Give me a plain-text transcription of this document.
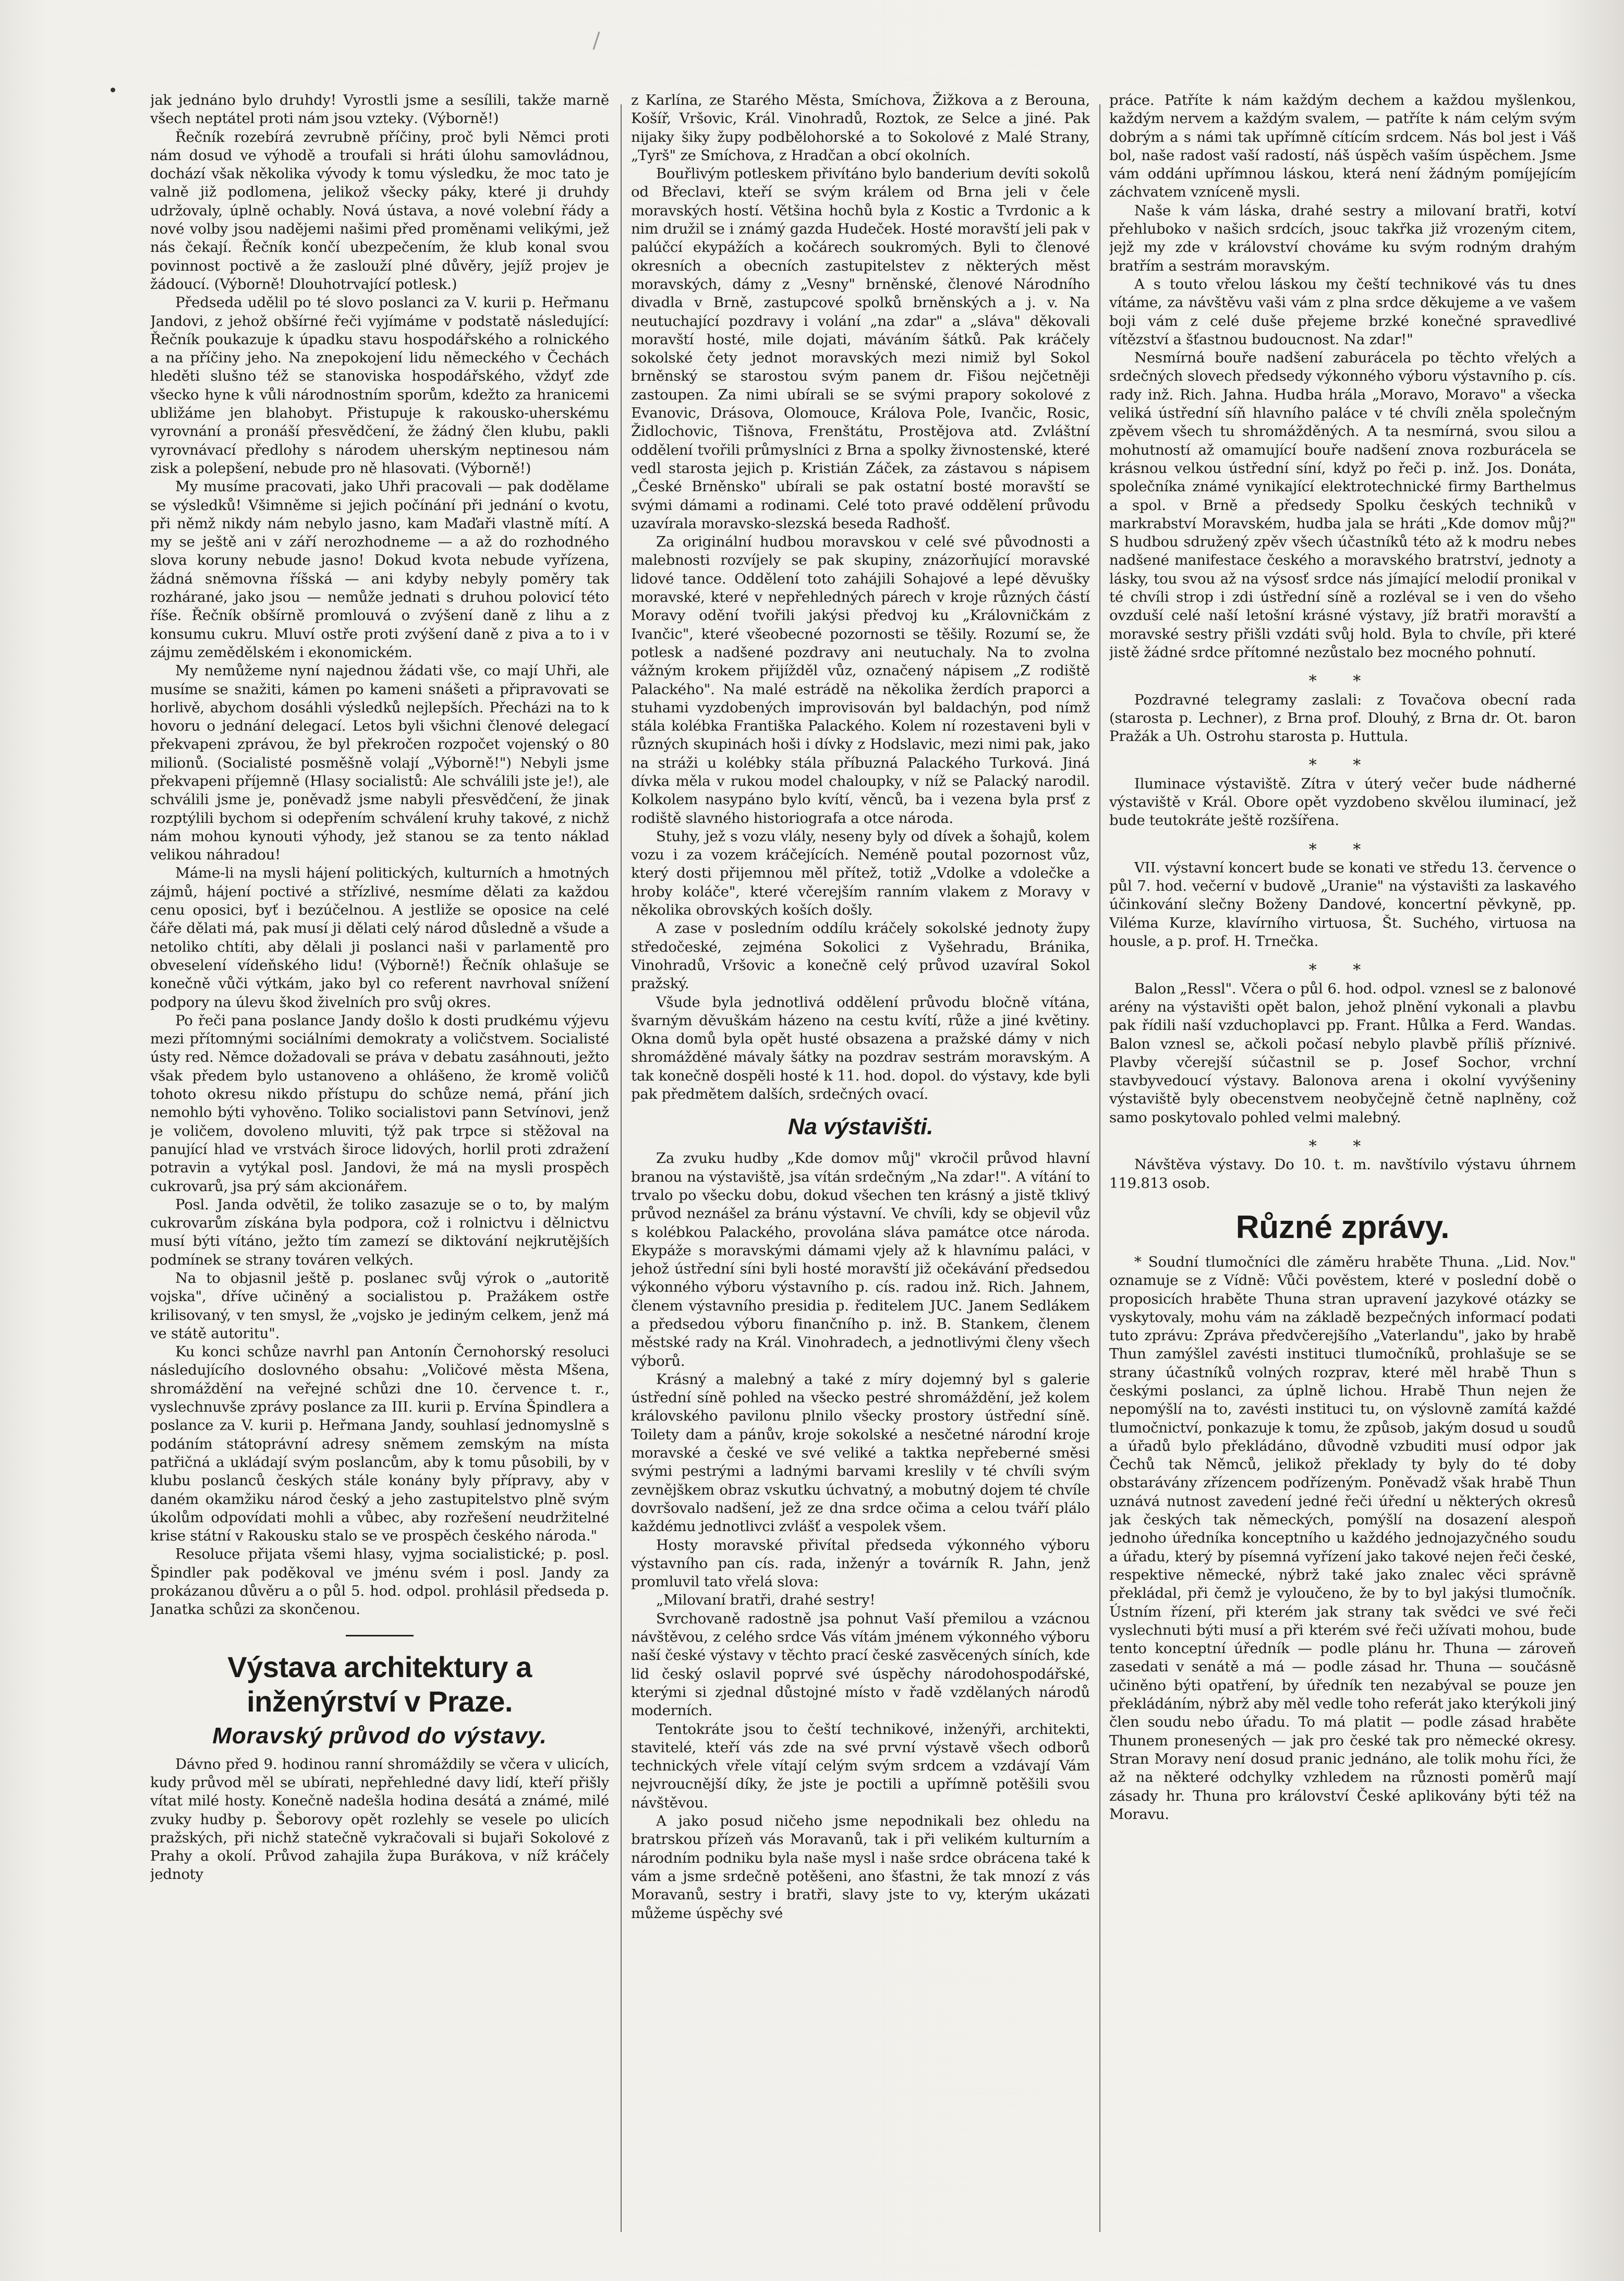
jak jednáno bylo druhdy! Vyrostli jsme a sesílili, takže marně všech neptátel proti nám jsou vztekу. (Výborně!)

Řečník rozebírá zevrubně příčiny, proč byli Němci proti nám dosud ve výhodě a troufali si hráti úlohu samovládnou, dochází však několika vývody k tomu výsledku, že moc tato je valně již podlomena, jelikož všecky páky, které ji druhdy udržovaly, úplně ochably. Nová ústava, a nové volební řády a nové volby jsou nadějemi našimi před proměnami velikými, jež nás čekají. Řečník končí ubezpečením, že klub konal svou povinnost poctivě a že zaslouží plné důvěry, jejíž projev je žádoucí. (Výborně! Dlouhotrvající potlesk.)

Předseda udělil po té slovo poslanci za V. kurii p. Heřmanu Jandovi, z jehož obšírné řeči vyjímáme v podstatě následující: Řečník poukazuje k úpadku stavu hospodářského a rolnického a na příčiny jeho. Na znepokojení lidu německého v Čechách hleděti slušno též se stanoviska hospodářského, vždyť zde všecko hyne k vůli národnostním sporům, kdežto za hranicemi ubližáme jen blahobyt. Přistupuje k rakousko-uherskému vyrovnání a pronáší přesvědčení, že žádný člen klubu, pakli vyrovnávací předlohy s národem uherským neptinesou nám zisk a polepšení, nebude pro ně hlasovati. (Výborně!)

My musíme pracovati, jako Uhři pracovali — pak dodělame se výsledků! Všimněme si jejich počínání při jednání o kvotu, při němž nikdy nám nebylo jasno, kam Maďaři vlastně mítí. A my se ještě ani v září nerozhodneme — a až do rozhodného slova koruny nebude jasno! Dokud kvota nebude vyřízena, žádná sněmovna říšská — ani kdyby nebyly poměry tak rozhárané, jako jsou — nemůže jednati s druhou polovicí této říše. Řečník obšírně promlouvá o zvýšení daně z lihu a z konsumu cukru. Mluví ostře proti zvýšení daně z piva a to i v zájmu zemědělském i ekonomickém.

My nemůžeme nyní najednou žádati vše, co mají Uhři, ale musíme se snažiti, kámen po kameni snášeti a připravovati se horlivě, abychom dosáhli výsledků nejlepších. Přecházi na to k hovoru o jednání delegací. Letos byli všichni členové delegací překvapeni zprávou, že byl překročen rozpočet vojenský o 80 milionů. (Socialisté posměšně volají „Výborně!") Nebyli jsme překvapeni příjemně (Hlasy socialistů: Ale schválili jste je!), ale schválili jsme je, poněvadž jsme nabyli přesvědčení, že jinak rozptýlili bychom si odepřením schválení kruhy takové, z nichž nám mohou kynouti výhody, jež stanou se za tento náklad velikou náhradou!

Máme-li na mysli hájení politických, kulturních a hmotných zájmů, hájení poctivé a střízlivé, nesmíme dělati za každou cenu oposici, byť i bezúčelnou. A jestliže se oposice na celé čáře dělati má, pak musí ji dělati celý národ důsledně a všude a netoliko chtíti, aby dělali ji poslanci naši v parlamentě pro obveselení vídeňského lidu! (Výborně!) Řečník ohlašuje se konečně vůči výtkám, jako byl co referent navrhoval snížení podpory na úlevu škod živelních pro svůj okres.

Po řeči pana poslance Jandy došlo k dosti prudkému výjevu mezi přítomnými sociálními demokraty a voličstvem. Socialisté ústy red. Němce dožadovali se práva v debatu zasáhnouti, ježto však předem bylo ustanoveno a ohlášeno, že kromě voličů tohoto okresu nikdo přístupu do schůze nemá, přání jich nemohlo býti vyhověno. Toliko socialistovi pann Setvínovi, jenž je voličem, dovoleno mluviti, týž pak trpce si stěžoval na panující hlad ve vrstvách široce lidových, horlil proti zdražení potravin a vytýkal posl. Jandovi, že má na mysli prospěch cukrovarů, jsa prý sám akcionářem.

Posl. Janda odvětil, že toliko zasazuje se o to, by malým cukrovarům získána byla podpora, což i rolnictvu i dělnictvu musí býti vítáno, ježto tím zamezí se diktování nejkrutějších podmínek se strany továren velkých.

Na to objasnil ještě p. poslanec svůj výrok o „autoritě vojska", dříve učiněný a socialistou p. Pražákem ostře krilisovaný, v ten smysl, že „vojsko je jediným celkem, jenž má ve státě autoritu".

Ku konci schůze navrhl pan Antonín Černohorský resoluci následujícího doslovného obsahu: „Voličové města Mšena, shromáždění na veřejné schůzi dne 10. července t. r., vyslechnuvše zprávy poslance za III. kurii p. Ervína Špindlera a poslance za V. kurii p. Heřmana Jandy, souhlasí jednomyslně s podáním státoprávní adresy sněmem zemským na místa patřičná a ukládají svým poslancům, aby k tomu působili, by v klubu poslanců českých stále konány byly přípravy, aby v daném okamžiku národ český a jeho zastupitelstvo plně svým úkolům odpovídati mohli a vůbec, aby rozřešení neudržitelné krise státní v Rakousku stalo se ve prospěch českého národa."

Resoluce přijata všemi hlasy, vyjma socialistické; p. posl. Špindler pak poděkoval ve jménu svém i posl. Jandy za prokázanou důvěru a o půl 5. hod. odpol. prohlásil předseda p. Janatka schůzi za skončenou.

Výstava architektury a inženýrství v Praze.
Moravský průvod do výstavy.

Dávno před 9. hodinou ranní shromáždily se včera v ulicích, kudy průvod měl se ubírati, nepřehledné davy lidí, kteří přišly vítat milé hosty. Konečně nadešla hodina desátá a známé, milé zvuky hudby p. Šeborovy opět rozlehly se vesele po ulicích pražských, při nichž statečně vykračovali si bujaři Sokolové z Prahy a okolí. Průvod zahajila župa Burákova, v níž kráčely jednoty

z Karlína, ze Starého Města, Smíchova, Žižkova a z Berouna, Košíř, Vršovic, Král. Vinohradů, Roztok, ze Selce a jiné. Pak nijaky šiky župy podbělohorské a to Sokolové z Malé Strany, „Tyrš" ze Smíchova, z Hradčan a obcí okolních.

Bouřlivým potleskem přivítáno bylo banderium devíti sokolů od Břeclavi, kteří se svým králem od Brna jeli v čele moravských hostí. Většina hochů byla z Kostic a Tvrdonic a k nim družil se i známý gazda Hudeček. Hosté moravští jeli pak v palúčcí ekypážích a kočárech soukromých. Byli to členové okresních a obecních zastupitelstev z některých měst moravských, dámy z „Vesny" brněnské, členové Národního divadla v Brně, zastupcové spolků brněnských a j. v. Na neutuchající pozdravy i volání „na zdar" a „sláva" děkovali moravští hosté, mile dojati, máváním šátků. Pak kráčely sokolské čety jednot moravských mezi nimiž byl Sokol brněnský se starostou svým panem dr. Fišou nejčetněji zastoupen. Za nimi ubírali se se svými prapory sokolové z Evanovic, Drásova, Olomouce, Králova Pole, Ivančic, Rosic, Židlochovic, Tišnova, Frenštátu, Prostějova atd. Zvláštní oddělení tvořili průmyslníci z Brna a spolky živnostenské, které vedl starosta jejich p. Kristián Záček, za zástavou s nápisem „České Brněnsko" ubírali se pak ostatní bosté moravští se svými dámami a rodinami. Celé toto pravé oddělení průvodu uzavírala moravsko-slezská beseda Radhošť.

Za originální hudbou moravskou v celé své původnosti a malebnosti rozvíjely se pak skupiny, znázorňující moravské lidové tance. Oddělení toto zahájili Sohajové a lepé děvušky moravské, které v nepřehledných párech v kroje různých částí Moravy odění tvořili jakýsi předvoj ku „Královničkám z Ivančic", které všeobecné pozornosti se těšily. Rozumí se, že potlesk a nadšené pozdravy ani neutuchaly. Na to zvolna vážným krokem přijížděl vůz, označený nápisem „Z rodiště Palackého". Na malé estrádě na několika žerdích praporci a stuhami vyzdobených improvisován byl baldachýn, pod nímž stála kolébka Františka Palackého. Kolem ní rozestaveni byli v různých skupinách hoši i dívky z Hodslavic, mezi nimi pak, jako na stráži u kolébky stála příbuzná Palackého Turková. Jiná dívka měla v rukou model chaloupky, v níž se Palacký narodil. Kolkolem nasypáno bylo kvítí, věnců, ba i vezena byla prsť z rodiště slavného historiografa a otce národa.

Stuhy, jež s vozu vlály, neseny byly od dívek a šohajů, kolem vozu i za vozem kráčejících. Neméně poutal pozornost vůz, který dosti přijemnou měl přítež, totiž „Vdolke a vdolečke a hroby koláče", které včerejším ranním vlakem z Moravy v několika obrovských koších došly.

A zase v posledním oddílu kráčely sokolské jednoty župy středočeské, zejména Sokolici z Vyšehradu, Bránika, Vinohradů, Vršovic a konečně celý průvod uzavíral Sokol pražský.

Všude byla jednotlivá oddělení průvodu bločně vítána, švarným děvuškám házeno na cestu kvítí, růže a jiné květiny. Okna domů byla opět husté obsazena a pražské dámy v nich shromážděné mávaly šátky na pozdrav sestrám moravským. A tak konečně dospěli hosté k 11. hod. dopol. do výstavy, kde byli pak předmětem dalších, srdečných ovací.

Na výstavišti.

Za zvuku hudby „Kde domov můj" vkročil průvod hlavní branou na výstaviště, jsa vítán srdečným „Na zdar!". A vítání to trvalo po všecku dobu, dokud všechen ten krásný a jistě tklivý průvod neznášel za bránu výstavní. Ve chvíli, kdy se objevil vůz s kolébkou Palackého, provolána sláva památce otce národa. Ekypáže s moravskými dámami vjely až k hlavnímu paláci, v jehož ústřední síni byli hosté moravští již očekávání předsedou výkonného výboru výstavního p. cís. radou inž. Rich. Jahnem, členem výstavního presidia p. ředitelem JUC. Janem Sedlákem a předsedou výboru finančního p. inž. B. Stankem, členem městské rady na Král. Vinohradech, a jednotlivými členy všech výborů.

Krásný a malebný a také z míry dojemný byl s galerie ústřední síně pohled na všecko pestré shromáždění, jež kolem královského pavilonu plnilo všecky prostory ústřední síně. Toilety dam a pánův, kroje sokolské a nesčetné národní kroje moravské a české ve své veliké a taktka nepřeberné směsi svými pestrými a ladnými barvami kreslily v té chvíli svým zevnějškem obraz vskutku úchvatný, a mobutný dojem té chvíle dovršovalo nadšení, jež ze dna srdce očima a celou tváří plálo každému jednotlivci zvlášť a vespolek všem.

Hosty moravské přivítal předseda výkonného výboru výstavního pan cís. rada, inženýr a továrník R. Jahn, jenž promluvil tato vřelá slova:

„Milovaní bratři, drahé sestry!

Svrchovaně radostně jsa pohnut Vaší přemilou a vzácnou návštěvou, z celého srdce Vás vítám jménem výkonného výboru naší české výstavy v těchto prací české zasvěcených síních, kde lid český oslavil poprvé své úspěchy národohospodářské, kterými si zjednal důstojné místo v řadě vzdělaných národů moderních.

Tentokráte jsou to čeští technikové, inženýři, architekti, stavitelé, kteří vás zde na své první výstavě všech odborů technických vřele vítají celým svým srdcem a vzdávají Vám nejvroucnější díky, že jste je poctili a upřímně potěšili svou návštěvou.

A jako posud ničeho jsme nepodnikali bez ohledu na bratrskou přízeň vás Moravanů, tak i při velikém kulturním a národním podniku byla naše mysl i naše srdce obrácena také k vám a jsme srdečně potěšeni, ano šťastni, že tak mnozí z vás Moravanů, sestry i bratři, slavy jste to vy, kterým ukázati můžeme úspěchy své

práce. Patříte k nám každým dechem a každou myšlenkou, každým nervem a každým svalem, — patříte k nám celým svým dobrým a s námi tak upřímně cítícím srdcem. Nás bol jest i Váš bol, naše radost vaší radostí, náš úspěch vaším úspěchem. Jsme vám oddáni upřímnou láskou, která není žádným pomíjejícím záchvatem vzníceně mysli.

Naše k vám láska, drahé sestry a milovaní bratři, kotví přehluboko v našich srdcích, jsouc takřka již vrozeným citem, jejž my zde v království chováme ku svým rodným drahým bratřím a sestrám moravským.

A s touto vřelou láskou my čeští technikové vás tu dnes vítáme, za návštěvu vaši vám z plna srdce děkujeme a ve vašem boji vám z celé duše přejeme brzké konečné spravedlivé vítězství a šťastnou budoucnost. Na zdar!"

Nesmírná bouře nadšení zaburácela po těchto vřelých a srdečných slovech předsedy výkonného výboru výstavního p. cís. rady inž. Rich. Jahna. Hudba hrála „Moravo, Moravo" a všecka veliká ústřední síň hlavního paláce v té chvíli zněla společným zpěvem všech tu shromážděných. A ta nesmírná, svou silou a mohutností až omamující bouře nadšení znova rozburácela se krásnou velkou ústřední síní, když po řeči p. inž. Jos. Donáta, společníka známé vynikající elektrotechnické firmy Barthelmus a spol. v Brně a předsedy Spolku českých techniků v markrabství Moravském, hudba jala se hráti „Kde domov můj?" S hudbou sdružený zpěv všech účastníků této až k modru nebes nadšené manifestace českého a moravského bratrství, jednoty a lásky, tou svou až na výsosť srdce nás jímající melodií pronikal v té chvíli strop i zdi ústřední síně a rozléval se i ven do všeho ovzduší celé naší letošní krásné výstavy, jíž bratři moravští a moravské sestry přišli vzdáti svůj hold. Byla to chvíle, při které jistě žádné srdce přítomné nezůstalo bez mocného pohnutí.

⁎ ⁎

Pozdravné telegramy zaslali: z Tovačova obecní rada (starosta p. Lechner), z Brna prof. Dlouhý, z Brna dr. Ot. baron Pražák a Uh. Ostrohu starosta p. Huttula.

⁎ ⁎

Iluminace výstaviště. Zítra v úterý večer bude nádherné výstaviště v Král. Obore opět vyzdobeno skvělou iluminací, jež bude teutokráte ještě rozšířena.

⁎ ⁎

VII. výstavní koncert bude se konati ve středu 13. července o půl 7. hod. večerní v budově „Uranie" na výstavišti za laskavého účinkování slečny Boženy Dandové, koncertní pěvkyně, pp. Viléma Kurze, klavírního virtuosa, Št. Suchého, virtuosa na housle, a p. prof. H. Trnečka.

⁎ ⁎

Balon „Ressl". Včera o půl 6. hod. odpol. vznesl se z balonové arény na výstavišti opět balon, jehož plnění vykonali a plavbu pak řídili naší vzduchoplavci pp. Frant. Hůlka a Ferd. Wandas. Balon vznesl se, ačkoli počasí nebylo plavbě příliš příznivé. Plavby včerejší súčastnil se p. Josef Sochor, vrchní stavbyvedoucí výstavy. Balonova arena i okolní vyvýšeniny výstaviště byly obecenstvem neobyčejně četně naplněny, což samo poskytovalo pohled velmi malebný.

⁎ ⁎

Návštěva výstavy. Do 10. t. m. navštívilo výstavu úhrnem 119.813 osob.

Různé zprávy.

* Soudní tlumočníci dle záměru hraběte Thuna. „Lid. Nov." oznamuje se z Vídně: Vůči pověstem, které v poslední době o proposicích hraběte Thuna stran upravení jazykové otázky se vyskytovaly, mohu vám na základě bezpečných informací podati tuto zprávu: Zpráva předvčerejšího „Vaterlandu", jako by hrabě Thun zamýšlel zavésti instituci tlumočníků, prohlašuje se se strany účastníků volných rozprav, které měl hrabě Thun s českými poslanci, za úplně lichou. Hrabě Thun nejen že nepomýšlí na to, zavésti instituci tu, on výslovně zamítá každé tlumočnictví, ponkazuje k tomu, že způsob, jakým dosud u soudů a úřadů bylo překládáno, důvodně vzbuditi musí odpor jak Čechů tak Němců, jelikož překlady ty byly do té doby obstarávány zřízencem podřízeným. Poněvadž však hrabě Thun uznává nutnost zavedení jedné řeči úřední u některých okresů jak českých tak německých, pomýšlí na dosazení alespoň jednoho úředníka konceptního u každého jednojazyčného soudu a úřadu, který by písemná vyřízení jako takové nejen řeči české, respektive německé, nýbrž také jako znalec věci správně překládal, při čemž je vyloučeno, že by to byl jakýsi tlumočník. Ústním řízení, při kterém jak strany tak svědci ve své řeči vyslechnuti býti musí a při kterém své řeči užívati mohou, bude tento konceptní úředník — podle plánu hr. Thuna — zároveň zasedati v senátě a má — podle zásad hr. Thuna — součásně učiněno býti opatření, by úředník ten nezabýval se pouze jen překládáním, nýbrž aby měl vedle toho referát jako kterýkoli jiný člen soudu nebo úřadu. To má platit — podle zásad hraběte Thunem pronesených — jak pro české tak pro německé okresy. Stran Moravy není dosud pranic jednáno, ale tolik mohu říci, že až na některé odchylky vzhledem na různosti poměrů mají zásady hr. Thuna pro království České aplikovány býti též na Moravu.
